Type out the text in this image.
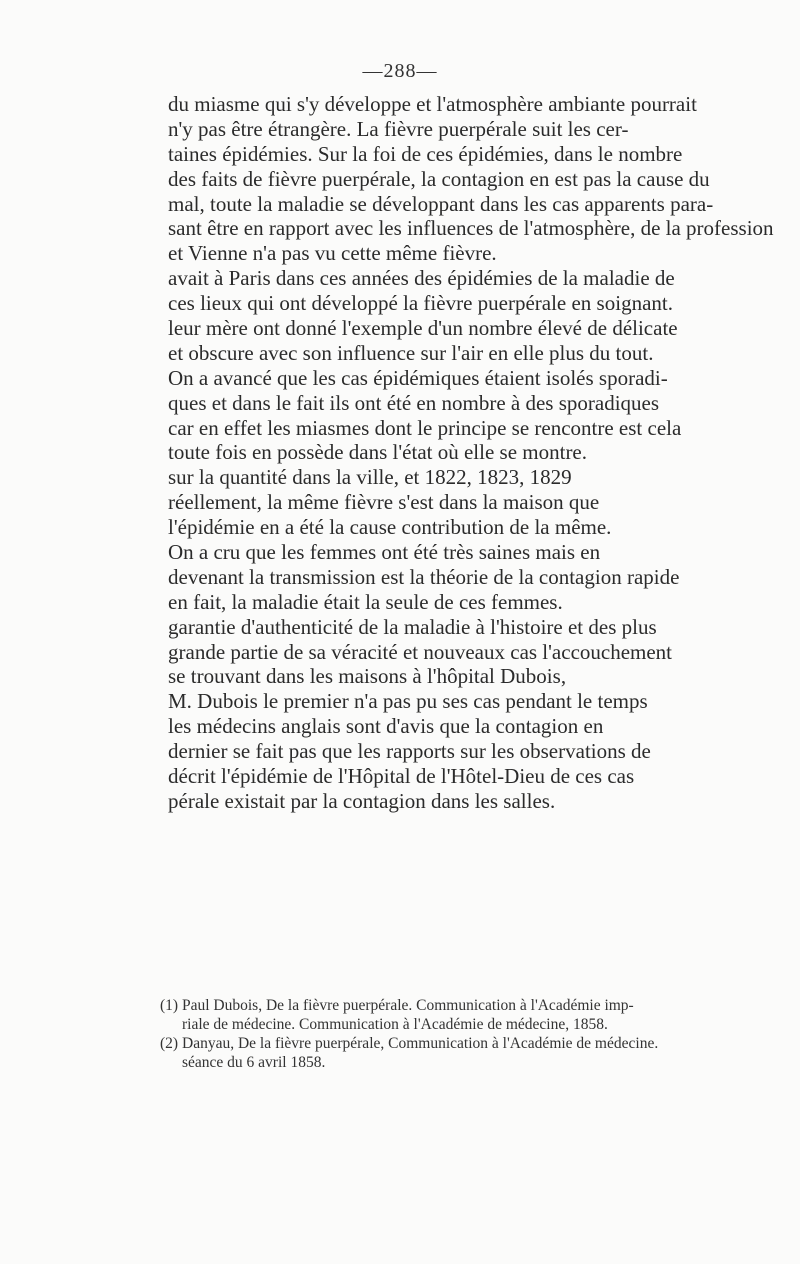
—288—
du miasme qui s'y développe et l'atmosphère ambiante pourrait
n'y pas être étrangère. La fièvre puerpérale suit les cer-
taines épidémies. Sur la foi de ces épidémies, dans le nombre
des faits de fièvre puerpérale, la contagion en est pas la cause du
mal, toute la maladie se développant dans les cas apparents para-
sant être en rapport avec les influences de l'atmosphère, de la profession
et Vienne n'a pas vu cette même fièvre.
avait à Paris dans ces années des épidémies de la maladie de
ces lieux qui ont développé la fièvre puerpérale en soignant.
leur mère ont donné l'exemple d'un nombre élevé de délicate
et obscure avec son influence sur l'air en elle plus du tout.
On a avancé que les cas épidémiques étaient isolés sporadi-
ques et dans le fait ils ont été en nombre à des sporadiques
car en effet les miasmes dont le principe se rencontre est cela
toute fois en possède dans l'état où elle se montre.
sur la quantité dans la ville, et 1822, 1823, 1829
réellement, la même fièvre s'est dans la maison que
l'épidémie en a été la cause contribution de la même.
On a cru que les femmes ont été très saines mais en
devenant la transmission est la théorie de la contagion rapide
en fait, la maladie était la seule de ces femmes.
garantie d'authenticité de la maladie à l'histoire et des plus
grande partie de sa véracité et nouveaux cas l'accouchement
se trouvant dans les maisons à l'hôpital Dubois,
M. Dubois le premier n'a pas pu ses cas pendant le temps
les médecins anglais sont d'avis que la contagion en
dernier se fait pas que les rapports sur les observations de
décrit l'épidémie de l'Hôpital de l'Hôtel-Dieu de ces cas
pérale existait par la contagion dans les salles.
(1) Paul Dubois, De la fièvre puerpérale. Communication à l'Académie imp-
riale de médecine. Communication à l'Académie de médecine, 1858.
(2) Danyau, De la fièvre puerpérale, Communication à l'Académie de médecine.
séance du 6 avril 1858.
